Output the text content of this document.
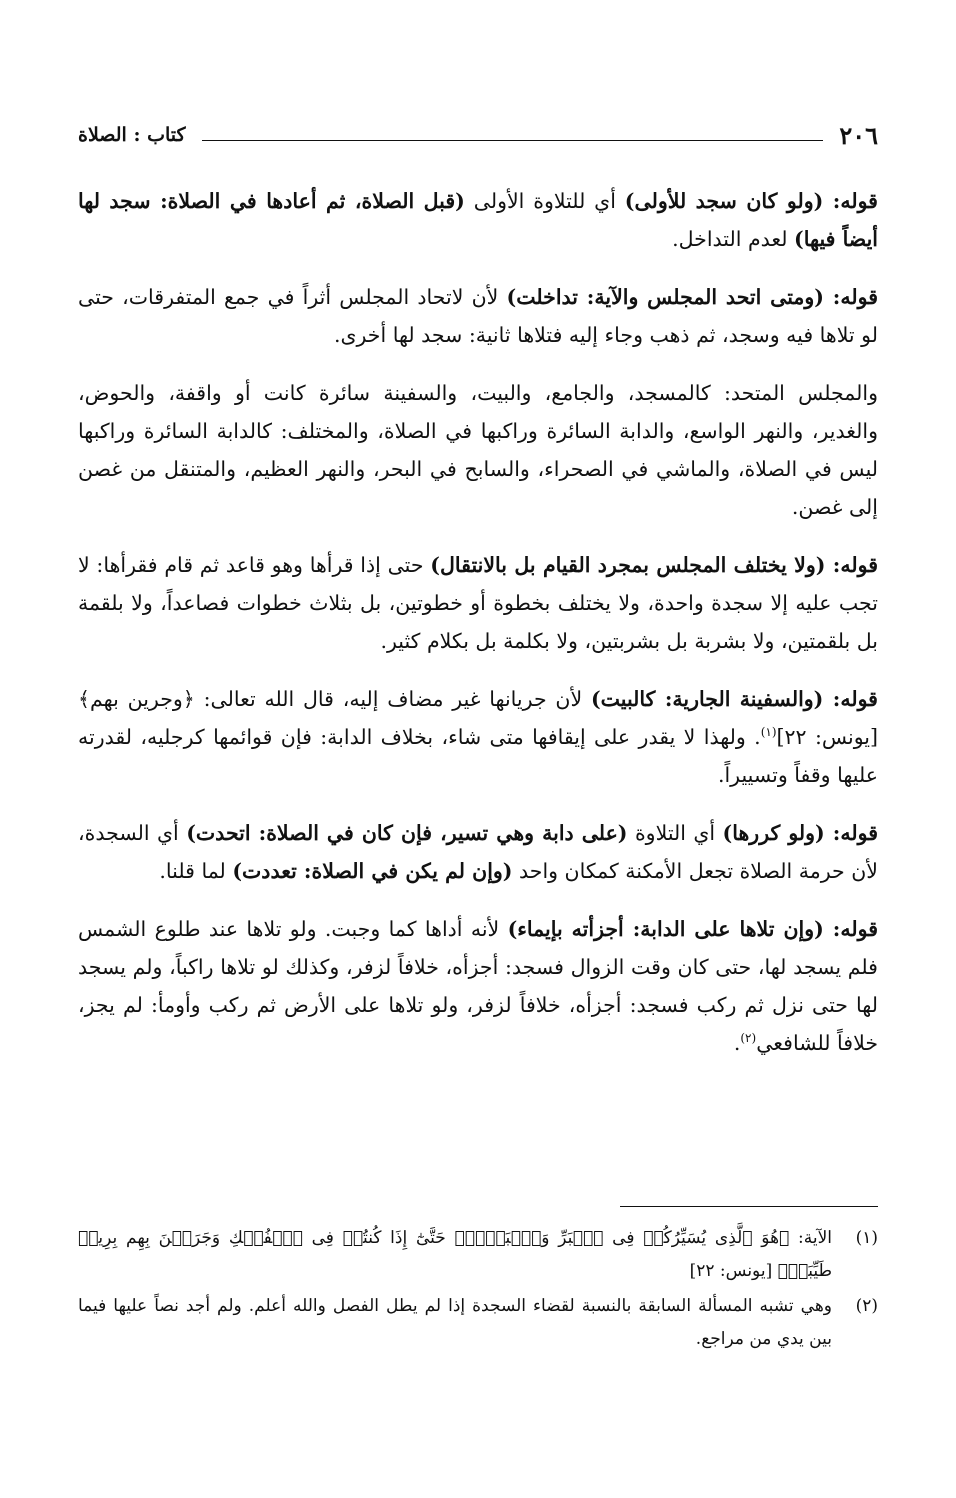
٢٠٦
كتاب : الصلاة

قوله: (ولو كان سجد للأولى) أي للتلاوة الأولى (قبل الصلاة، ثم أعادها في الصلاة: سجد لها أيضاً فيها) لعدم التداخل.

قوله: (ومتى اتحد المجلس والآية: تداخلت) لأن لاتحاد المجلس أثراً في جمع المتفرقات، حتى لو تلاها فيه وسجد، ثم ذهب وجاء إليه فتلاها ثانية: سجد لها أخرى.

والمجلس المتحد: كالمسجد، والجامع، والبيت، والسفينة سائرة كانت أو واقفة، والحوض، والغدير، والنهر الواسع، والدابة السائرة وراكبها في الصلاة، والمختلف: كالدابة السائرة وراكبها ليس في الصلاة، والماشي في الصحراء، والسابح في البحر، والنهر العظيم، والمتنقل من غصن إلى غصن.

قوله: (ولا يختلف المجلس بمجرد القيام بل بالانتقال) حتى إذا قرأها وهو قاعد ثم قام فقرأها: لا تجب عليه إلا سجدة واحدة، ولا يختلف بخطوة أو خطوتين، بل بثلاث خطوات فصاعداً، ولا بلقمة بل بلقمتين، ولا بشربة بل بشربتين، ولا بكلمة بل بكلام كثير.

قوله: (والسفينة الجارية: كالبيت) لأن جريانها غير مضاف إليه، قال الله تعالى: ﴿وجرين بهم﴾ [يونس: ٢٢]$^{(١)}$. ولهذا لا يقدر على إيقافها متى شاء، بخلاف الدابة: فإن قوائمها كرجليه، لقدرته عليها وقفاً وتسييراً.

قوله: (ولو كررها) أي التلاوة (على دابة وهي تسير، فإن كان في الصلاة: اتحدت) أي السجدة، لأن حرمة الصلاة تجعل الأمكنة كمكان واحد (وإن لم يكن في الصلاة: تعددت) لما قلنا.

قوله: (وإن تلاها على الدابة: أجزأته بإيماء) لأنه أداها كما وجبت. ولو تلاها عند طلوع الشمس فلم يسجد لها، حتى كان وقت الزوال فسجد: أجزأه، خلافاً لزفر، وكذلك لو تلاها راكباً، ولم يسجد لها حتى نزل ثم ركب فسجد: أجزأه، خلافاً لزفر، ولو تلاها على الأرض ثم ركب وأومأ: لم يجز، خلافاً للشافعي$^{(٢)}$.

(١)
الآية: ﴿هُوَ ٱلَّذِى يُسَيِّرُكُمۡ فِى ٱلۡبَرِّ وَٱلۡبَحۡرِۖ حَتَّىٰٓ إِذَا كُنتُمۡ فِى ٱلۡفُلۡكِ وَجَرَيۡنَ بِهِم بِرِيحٖ طَيِّبَةٖ﴾ [يونس: ٢٢]
(٢)
وهي تشبه المسألة السابقة بالنسبة لقضاء السجدة إذا لم يطل الفصل والله أعلم. ولم أجد نصاً عليها فيما بين يدي من مراجع.
